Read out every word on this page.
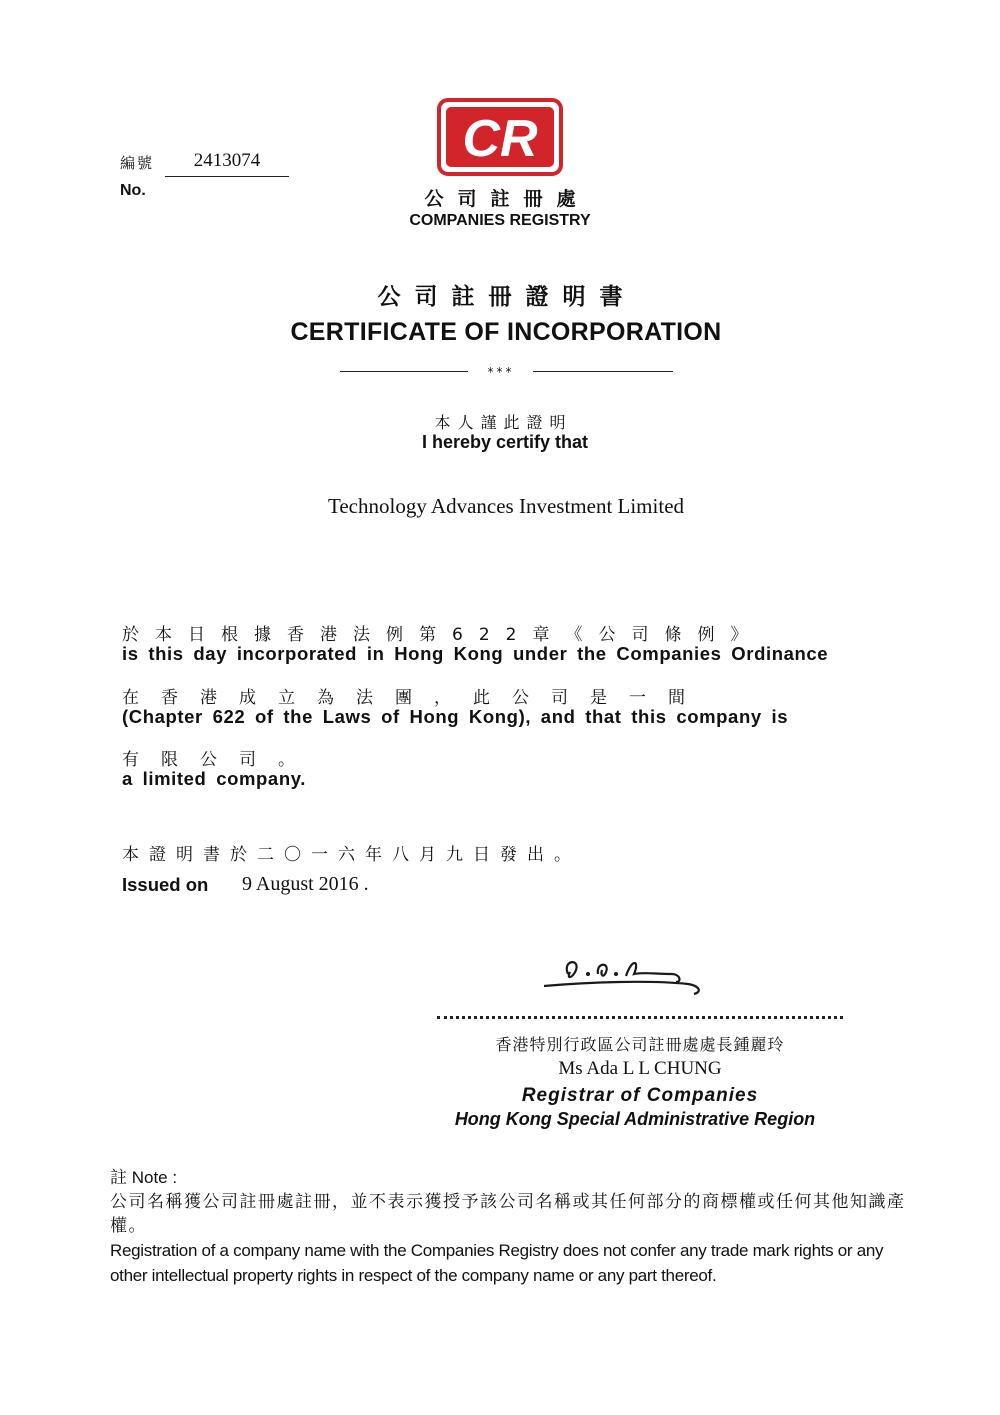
編號
No.
2413074	CR
公司註冊處
COMPANIES REGISTRY
公司註冊證明書
CERTIFICATE OF INCORPORATION
***
本人謹此證明
I hereby certify that
Technology Advances Investment Limited
於本日根據香港法例第622章《公司條例》
is this day incorporated in Hong Kong under the Companies Ordinance
在香港成立為法團，此公司是一間
(Chapter 622 of the Laws of Hong Kong), and that this company is
有限公司。
a limited company.
本證明書於二〇一六年八月九日發出。
Issued on 9 August 2016 .
香港特別行政區公司註冊處處長鍾麗玲
Ms Ada L L CHUNG
Registrar of Companies
Hong Kong Special Administrative Region
註 Note :
公司名稱獲公司註冊處註冊，並不表示獲授予該公司名稱或其任何部分的商標權或任何其他知識產權。
Registration of a company name with the Companies Registry does not confer any trade mark rights or any other intellectual property rights in respect of the company name or any part thereof.
